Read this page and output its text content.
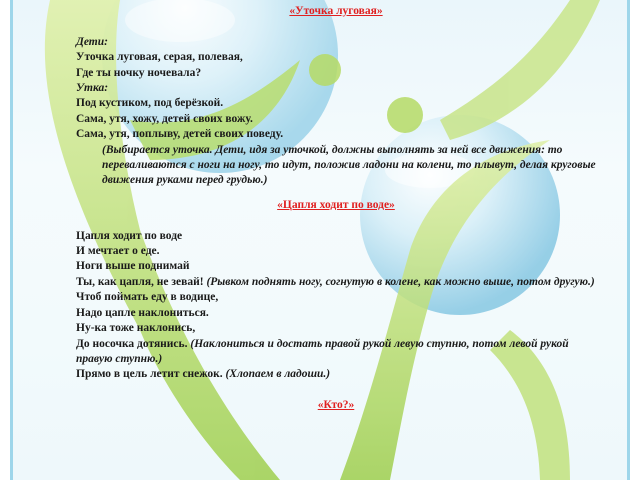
«Уточка луговая»
Дети:
Уточка луговая, серая, полевая,
Где ты ночку ночевала?
Утка:
Под кустиком, под берёзкой.
Сама, утя, хожу, детей своих вожу.
Сама, утя, поплыву, детей своих поведу.
(Выбирается уточка. Дети, идя за уточкой, должны выполнять за ней все движения: то переваливаются с ноги на ногу, то идут, положив ладони на колени, то плывут, делая круговые движения руками перед грудью.)
«Цапля ходит по воде»
Цапля ходит по воде
И мечтает о еде.
Ноги выше поднимай
Ты, как цапля, не зевай! (Рывком поднять ногу, согнутую в колене, как можно выше, потом другую.)
Чтоб поймать еду в водице,
Надо цапле наклониться.
Ну-ка тоже наклонись,
До носочка дотянись. (Наклониться и достать правой рукой левую ступню, потом левой рукой правую ступню.)
Прямо в цель летит снежок. (Хлопаем в ладоши.)
«Кто?»
